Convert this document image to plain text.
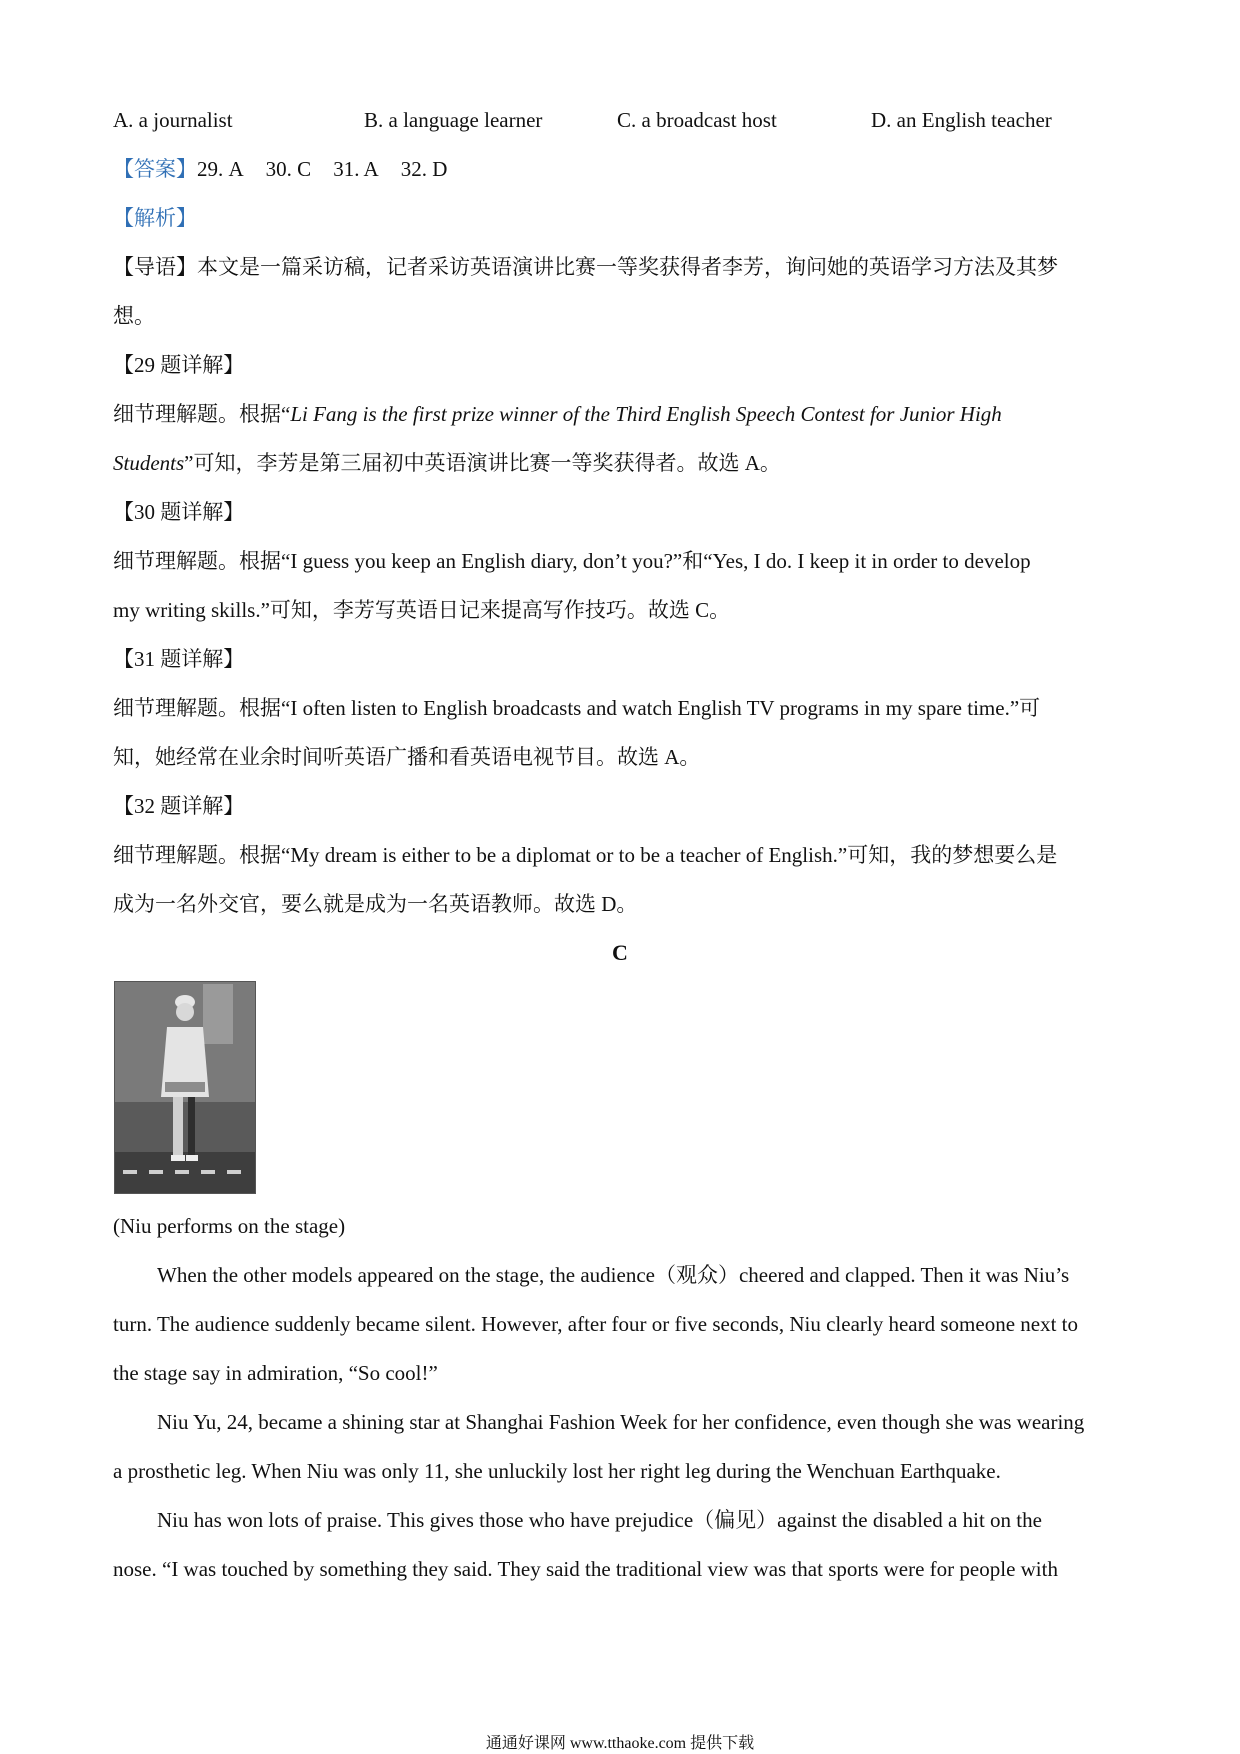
A. a journalist	B. a language learner	C. a broadcast host	D. an English teacher
【答案】29. A 30. C 31. A 32. D
【解析】
【导语】本文是一篇采访稿，记者采访英语演讲比赛一等奖获得者李芳，询问她的英语学习方法及其梦
想。
【29 题详解】
细节理解题。根据“Li Fang is the first prize winner of the Third English Speech Contest for Junior High
Students”可知，李芳是第三届初中英语演讲比赛一等奖获得者。故选 A。
【30 题详解】
细节理解题。根据“I guess you keep an English diary, don’t you?”和“Yes, I do. I keep it in order to develop
my writing skills.”可知，李芳写英语日记来提高写作技巧。故选 C。
【31 题详解】
细节理解题。根据“I often listen to English broadcasts and watch English TV programs in my spare time.”可
知，她经常在业余时间听英语广播和看英语电视节目。故选 A。
【32 题详解】
细节理解题。根据“My dream is either to be a diplomat or to be a teacher of English.”可知，我的梦想要么是
成为一名外交官，要么就是成为一名英语教师。故选 D。
C
(Niu performs on the stage)
When the other models appeared on the stage, the audience（观众）cheered and clapped. Then it was Niu’s
turn. The audience suddenly became silent. However, after four or five seconds, Niu clearly heard someone next to
the stage say in admiration, “So cool!”
Niu Yu, 24, became a shining star at Shanghai Fashion Week for her confidence, even though she was wearing
a prosthetic leg. When Niu was only 11, she unluckily lost her right leg during the Wenchuan Earthquake.
Niu has won lots of praise. This gives those who have prejudice（偏见）against the disabled a hit on the
nose. “I was touched by something they said. They said the traditional view was that sports were for people with
通通好课网 www.tthaoke.com 提供下载
